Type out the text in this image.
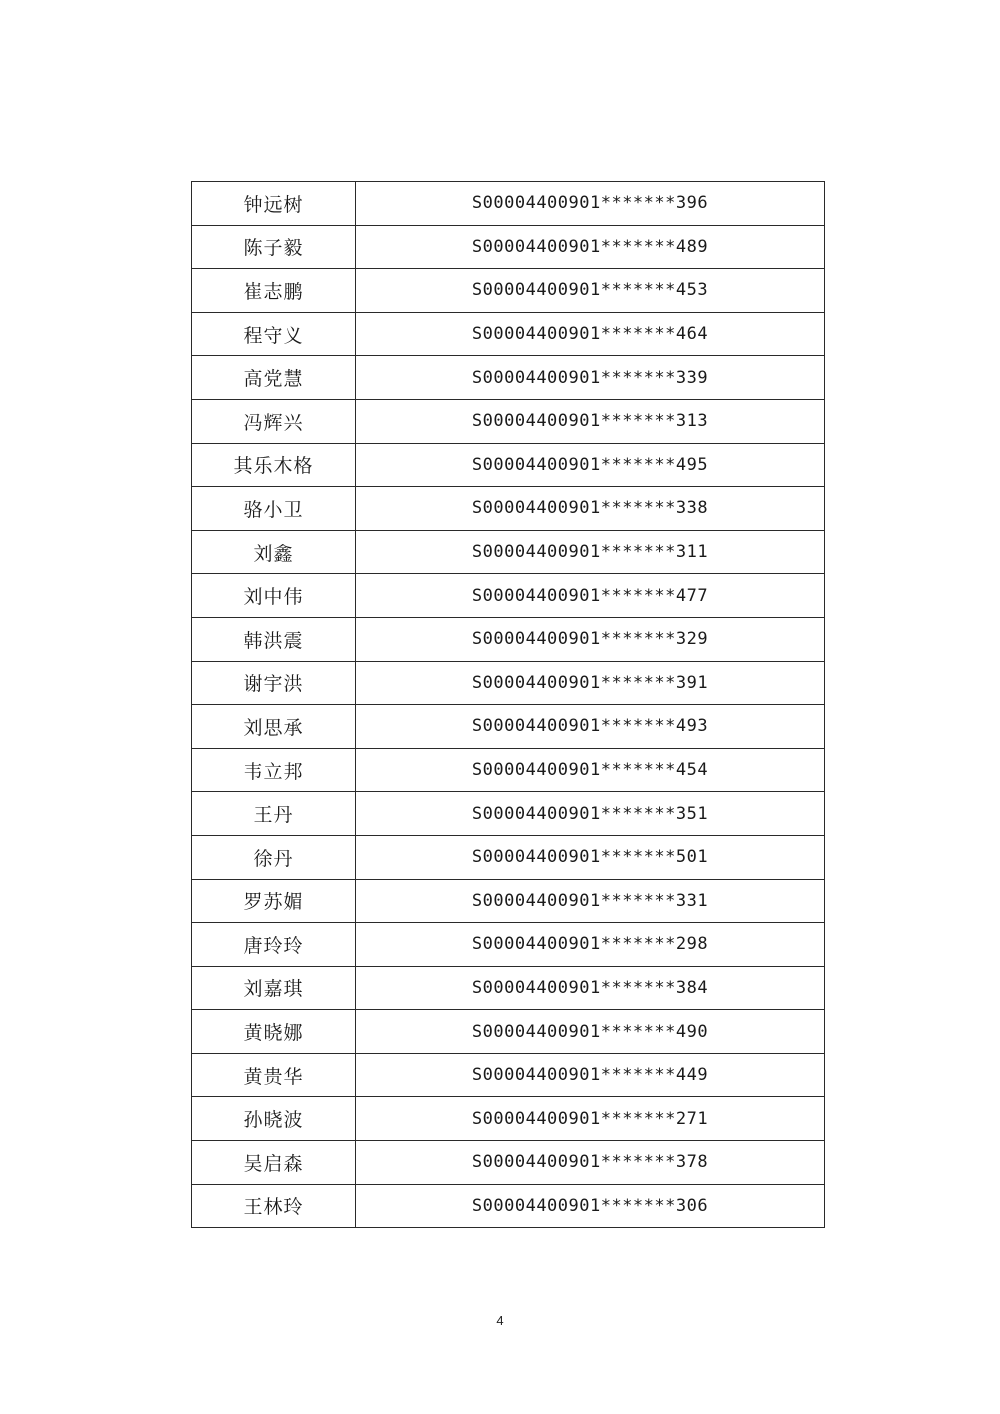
钟远树	S00004400901*******396
陈子毅	S00004400901*******489
崔志鹏	S00004400901*******453
程守义	S00004400901*******464
高党慧	S00004400901*******339
冯辉兴	S00004400901*******313
其乐木格	S00004400901*******495
骆小卫	S00004400901*******338
刘鑫	S00004400901*******311
刘中伟	S00004400901*******477
韩洪震	S00004400901*******329
谢宇洪	S00004400901*******391
刘思承	S00004400901*******493
韦立邦	S00004400901*******454
王丹	S00004400901*******351
徐丹	S00004400901*******501
罗苏媚	S00004400901*******331
唐玲玲	S00004400901*******298
刘嘉琪	S00004400901*******384
黄晓娜	S00004400901*******490
黄贵华	S00004400901*******449
孙晓波	S00004400901*******271
吴启森	S00004400901*******378
王林玲	S00004400901*******306
4
